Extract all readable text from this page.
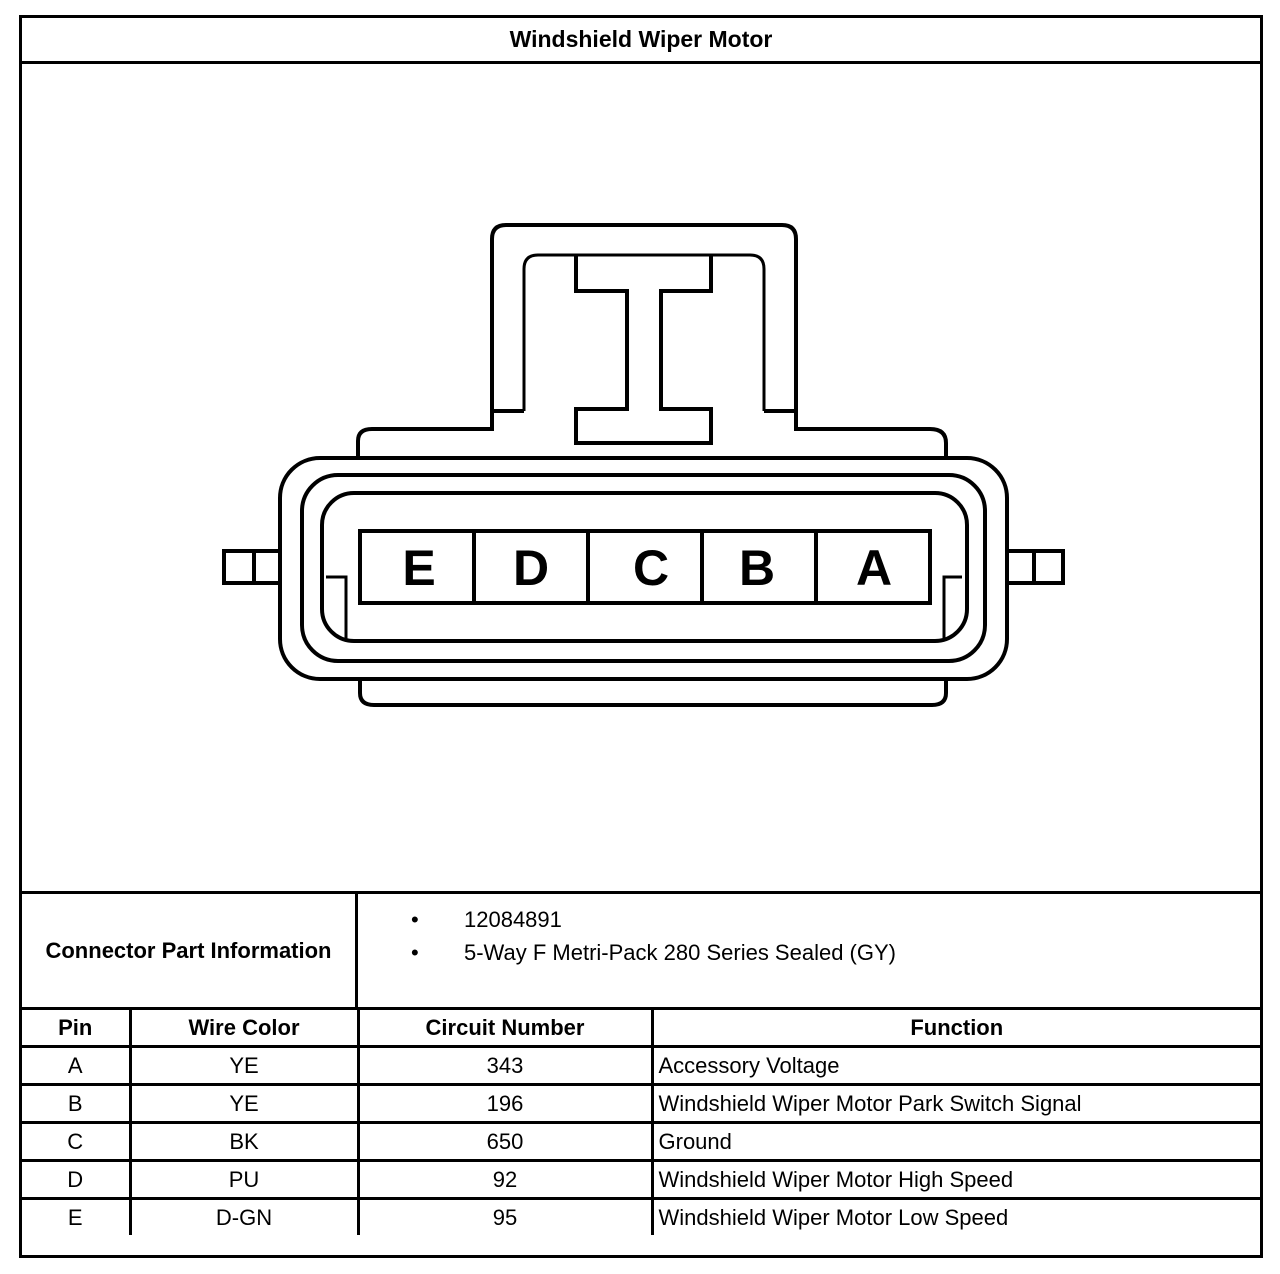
Windshield Wiper Motor
E D C B A
Connector Part Information
• 12084891
• 5-Way F Metri-Pack 280 Series Sealed (GY)
Pin	Wire Color	Circuit Number	Function
A	YE	343	Accessory Voltage
B	YE	196	Windshield Wiper Motor Park Switch Signal
C	BK	650	Ground
D	PU	92	Windshield Wiper Motor High Speed
E	D-GN	95	Windshield Wiper Motor Low Speed
